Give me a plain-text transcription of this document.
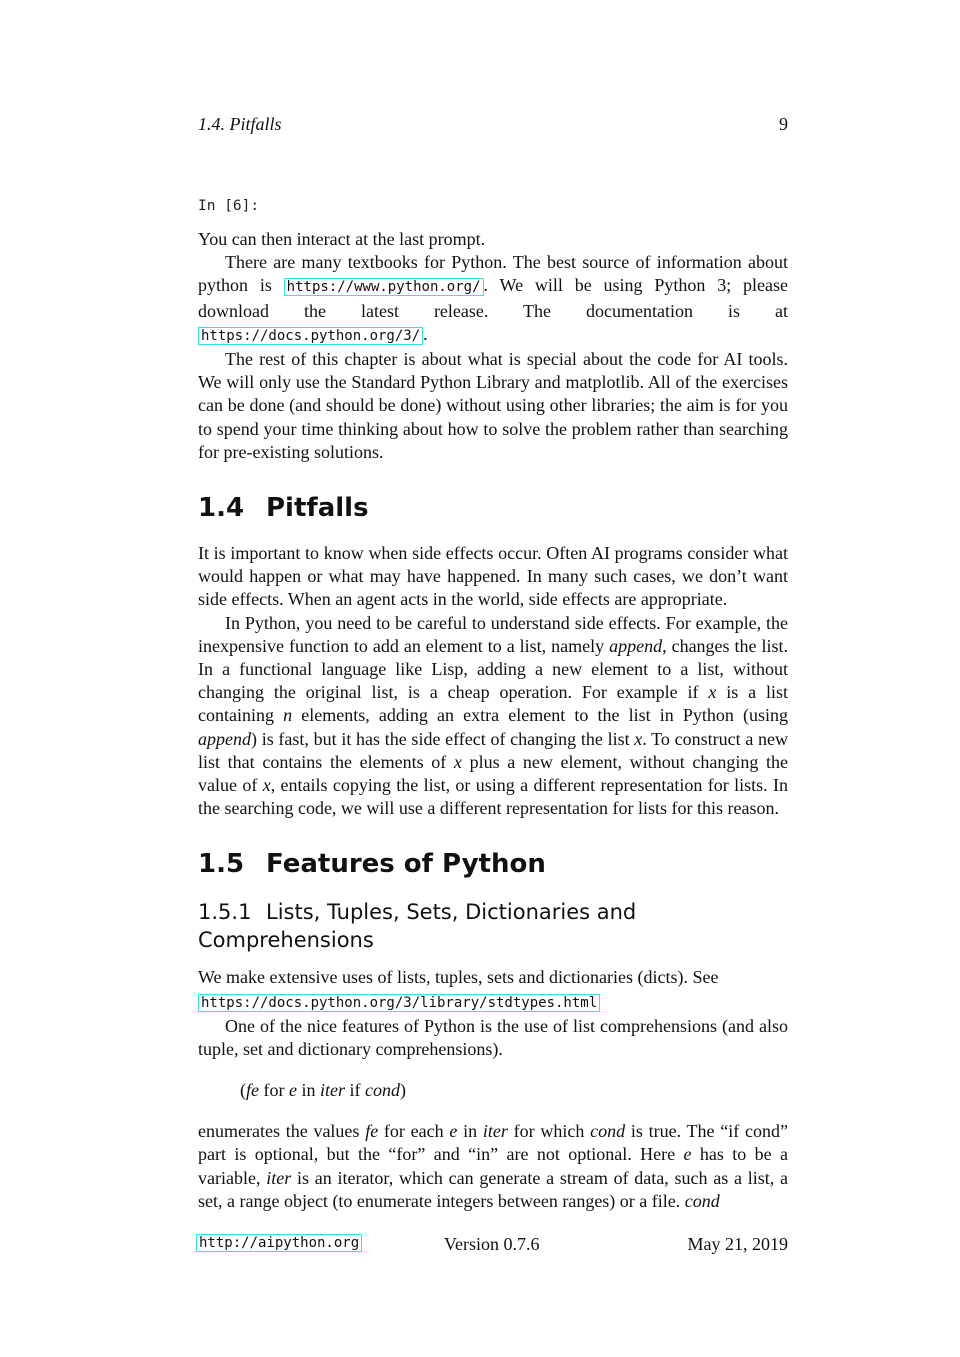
1.4. Pitfalls	9
In [6]:

You can then interact at the last prompt.

There are many textbooks for Python. The best source of information about python is https://www.python.org/ . We will be using Python 3; please download the latest release. The documentation is at https://docs.python.org/3/ .

The rest of this chapter is about what is special about the code for AI tools. We will only use the Standard Python Library and matplotlib. All of the exercises can be done (and should be done) without using other libraries; the aim is for you to spend your time thinking about how to solve the problem rather than searching for pre-existing solutions.

1.4 Pitfalls

It is important to know when side effects occur. Often AI programs consider what would happen or what may have happened. In many such cases, we don’t want side effects. When an agent acts in the world, side effects are appropriate.

In Python, you need to be careful to understand side effects. For example, the inexpensive function to add an element to a list, namely append, changes the list. In a functional language like Lisp, adding a new element to a list, without changing the original list, is a cheap operation. For example if x is a list containing n elements, adding an extra element to the list in Python (using append) is fast, but it has the side effect of changing the list x. To construct a new list that contains the elements of x plus a new element, without changing the value of x, entails copying the list, or using a different representation for lists. In the searching code, we will use a different representation for lists for this reason.

1.5 Features of Python
1.5.1 Lists, Tuples, Sets, Dictionaries and Comprehensions

We make extensive uses of lists, tuples, sets and dictionaries (dicts). See
https://docs.python.org/3/library/stdtypes.html

One of the nice features of Python is the use of list comprehensions (and also tuple, set and dictionary comprehensions).

(fe for e in iter if cond)

enumerates the values fe for each e in iter for which cond is true. The “if cond” part is optional, but the “for” and “in” are not optional. Here e has to be a variable, iter is an iterator, which can generate a stream of data, such as a list, a set, a range object (to enumerate integers between ranges) or a file. cond

http://aipython.org	Version 0.7.6	May 21, 2019
